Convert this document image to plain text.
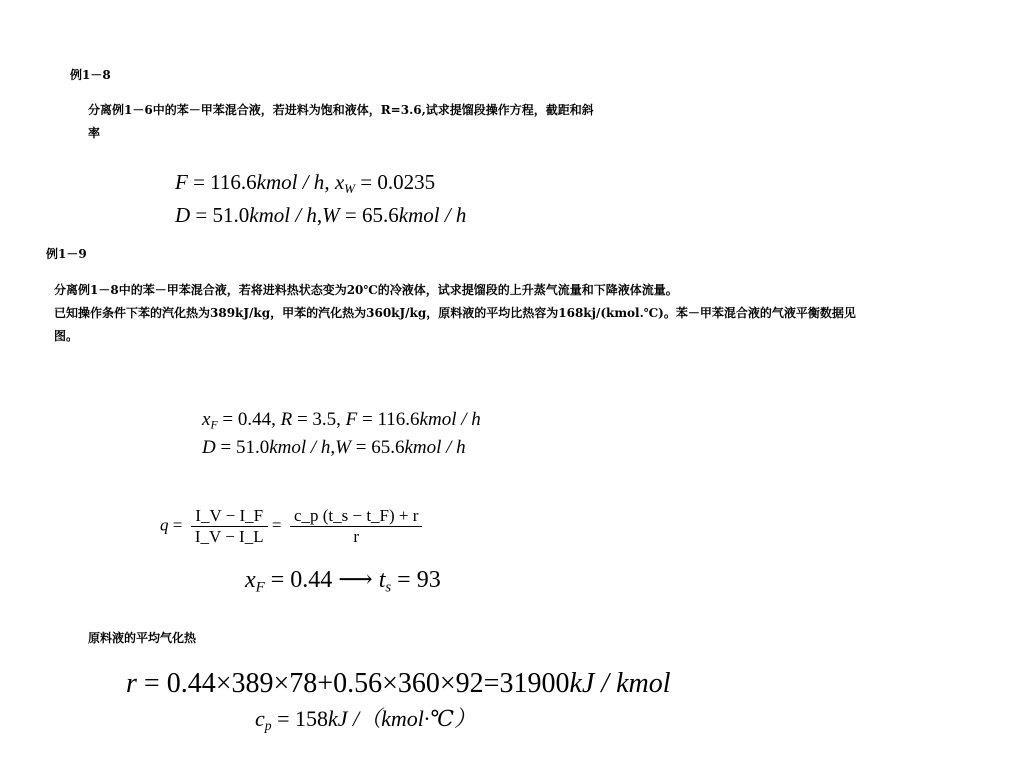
例1－8
分离例1－6中的苯－甲苯混合液，若进料为饱和液体，R=3.6,试求提馏段操作方程，截距和斜
率
F = 116.6kmol / h, $x_W = 0.0235$
D = 51.0kmol / h,W = 65.6kmol / h
例1－9
分离例1－8中的苯－甲苯混合液，若将进料热状态变为20℃的冷液体，试求提馏段的上升蒸气流量和下降液体流量。
已知操作条件下苯的汽化热为389kJ/kg，甲苯的汽化热为360kJ/kg，原料液的平均比热容为168kj/(kmol.℃)。苯－甲苯混合液的气液平衡数据见
图。
$x_F = 0.44$, R = 3.5, F = 116.6kmol / h
D = 51.0kmol / h,W = 65.6kmol / h
$q = \frac{I\_V - I\_F}{I\_V - I\_L} = \frac{c\_p (t\_s - t\_F) + r}{r}$
$x_F = 0.44$ ⟶ $t_s = 93$
原料液的平均气化热
r = 0.44×389×78+0.56×360×92=31900kJ / kmol
$c_p = 158kJ$ /（kmol·℃）
